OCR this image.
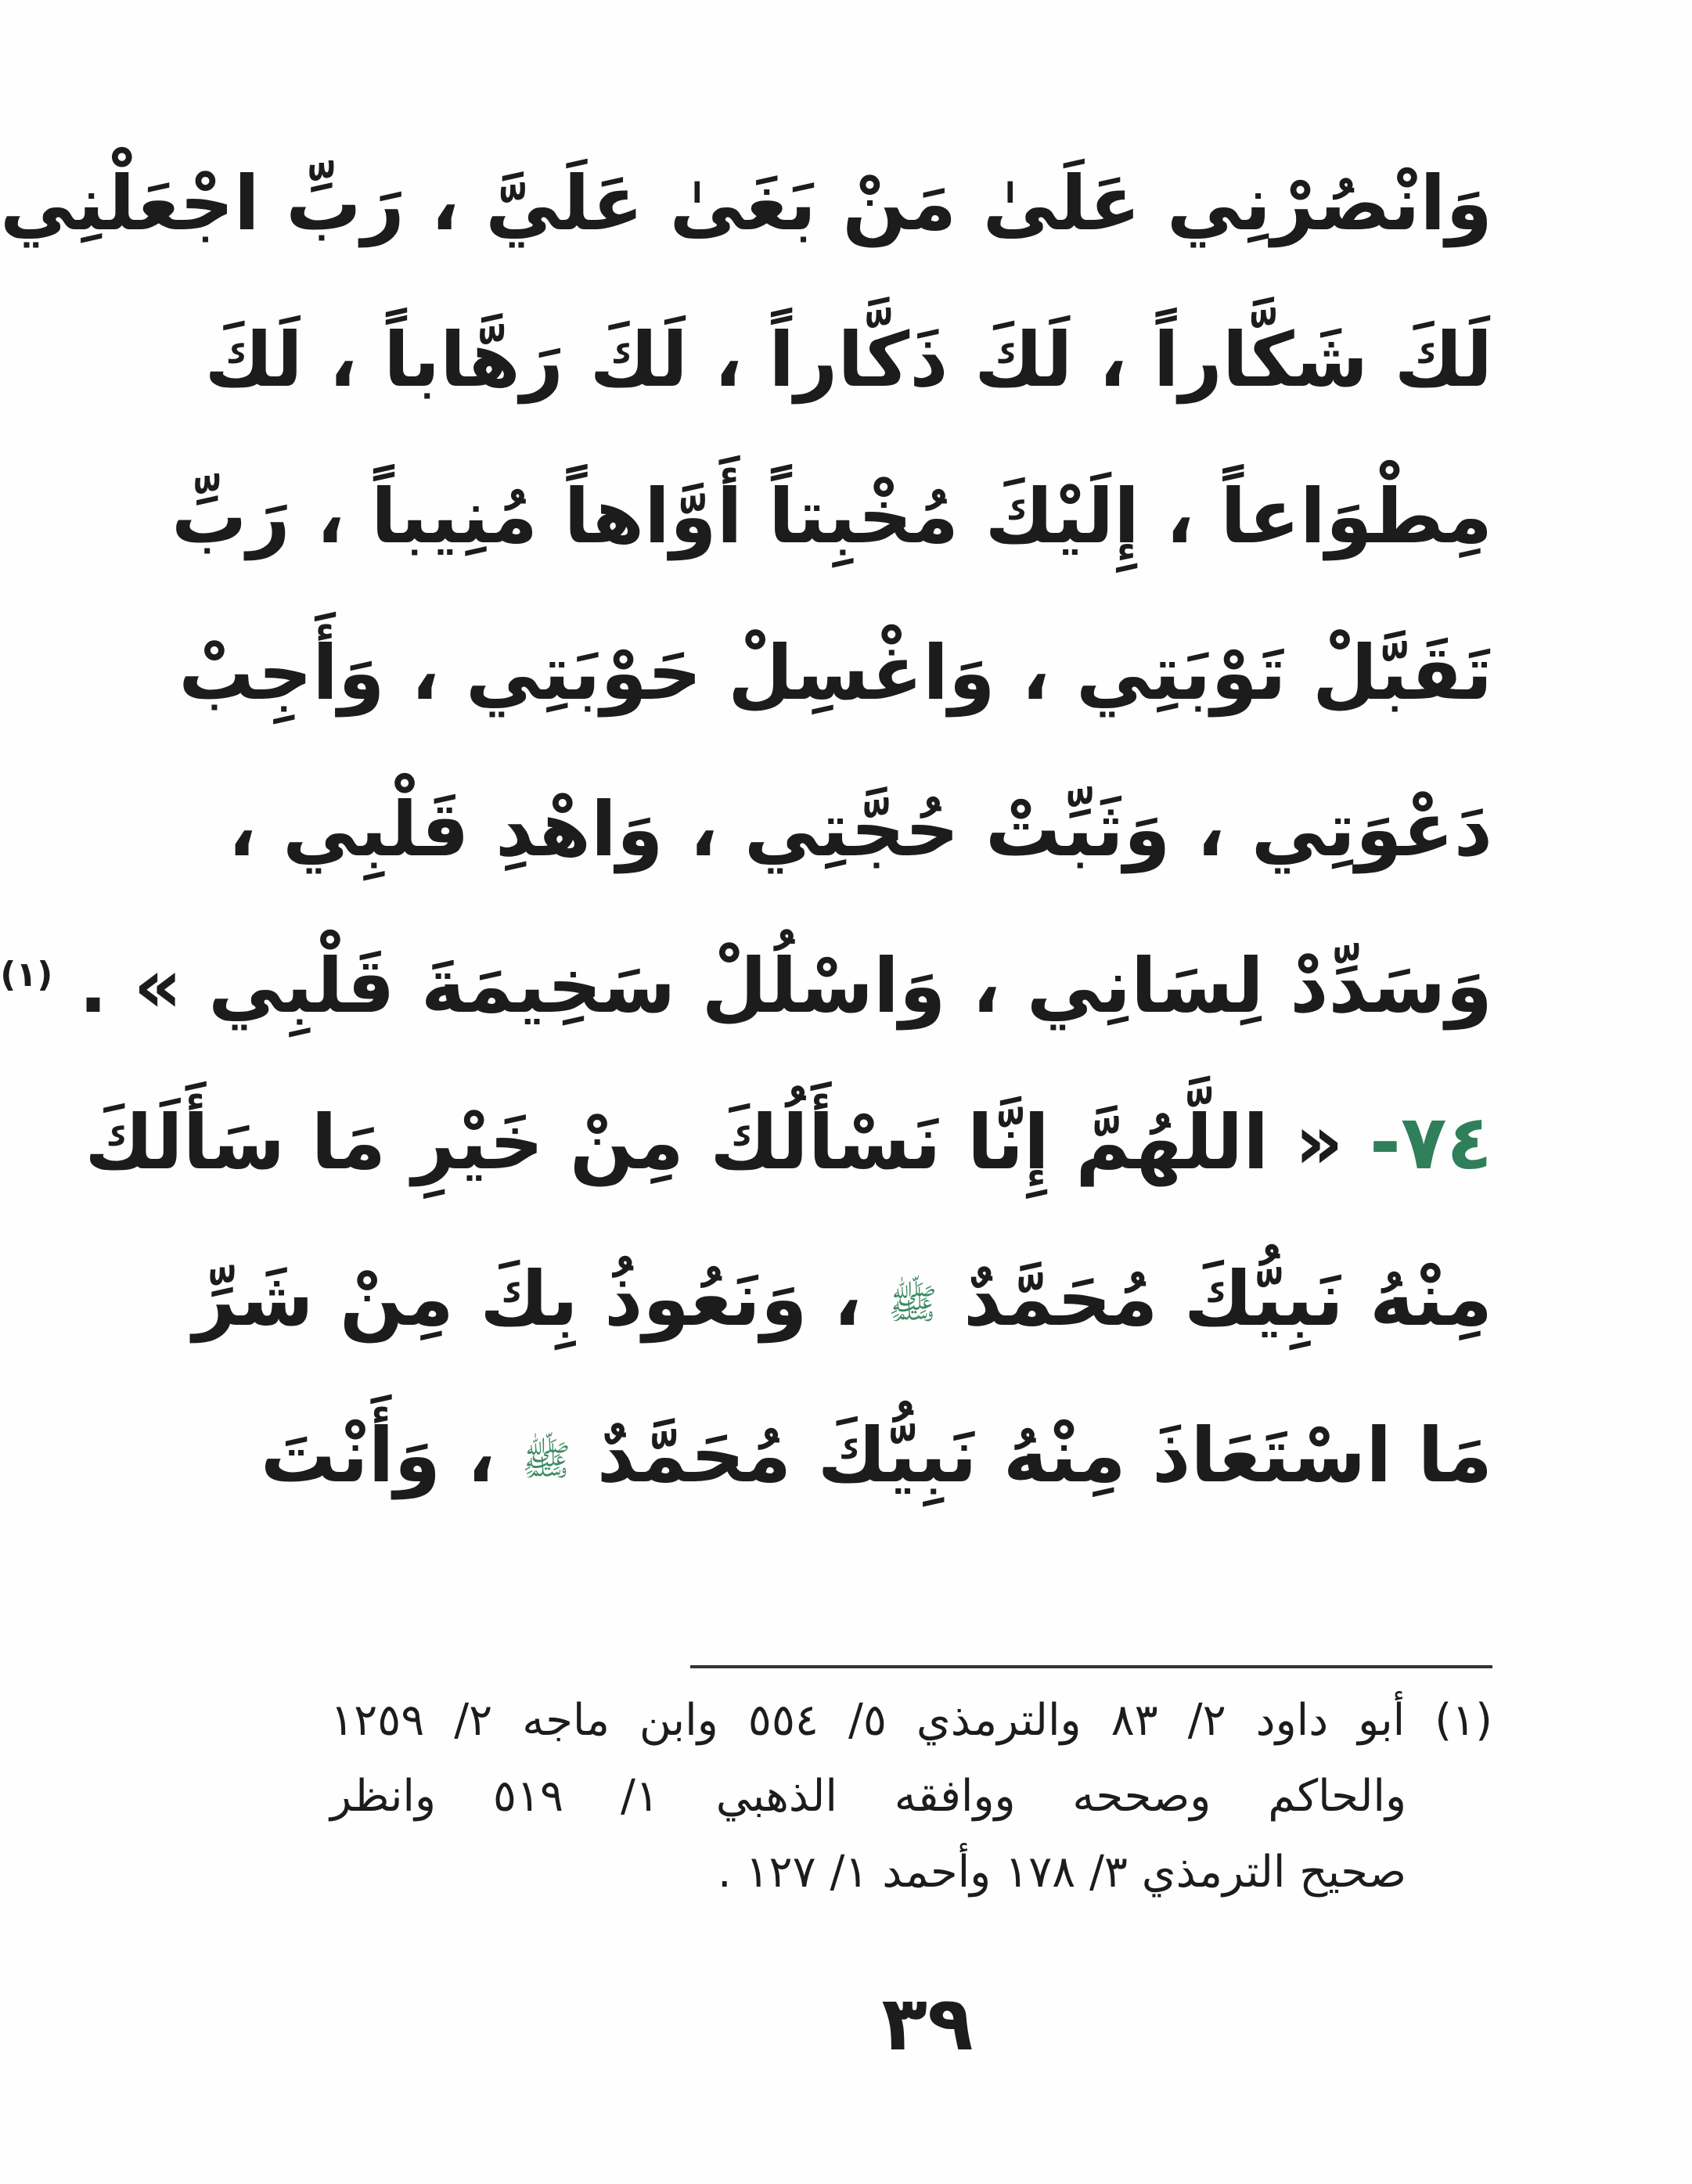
وَانْصُرْنِي عَلَىٰ مَنْ بَغَىٰ عَلَيَّ ، رَبِّ اجْعَلْنِي
لَكَ شَكَّاراً ، لَكَ ذَكَّاراً ، لَكَ رَهَّاباً ، لَكَ
مِطْوَاعاً ، إِلَيْكَ مُخْبِتاً أَوَّاهاً مُنِيباً ، رَبِّ
تَقَبَّلْ تَوْبَتِي ، وَاغْسِلْ حَوْبَتِي ، وَأَجِبْ
دَعْوَتِي ، وَثَبِّتْ حُجَّتِي ، وَاهْدِ قَلْبِي ،
وَسَدِّدْ لِسَانِي ، وَاسْلُلْ سَخِيمَةَ قَلْبِي » . $^{(١)}$
٧٤- « اللَّهُمَّ إِنَّا نَسْأَلُكَ مِنْ خَيْرِ مَا سَأَلَكَ
مِنْهُ نَبِيُّكَ مُحَمَّدٌ ﷺ ، وَنَعُوذُ بِكَ مِنْ شَرِّ
مَا اسْتَعَاذَ مِنْهُ نَبِيُّكَ مُحَمَّدٌ ﷺ ، وَأَنْتَ
(١) أبو داود ٢/ ٨٣ والترمذي ٥/ ٥٥٤ وابن ماجه ٢/ ١٢٥٩
والحاكم وصححه ووافقه الذهبي ١/ ٥١٩ وانظر
صحيح الترمذي ٣/ ١٧٨ وأحمد ١/ ١٢٧ .
٣٩
